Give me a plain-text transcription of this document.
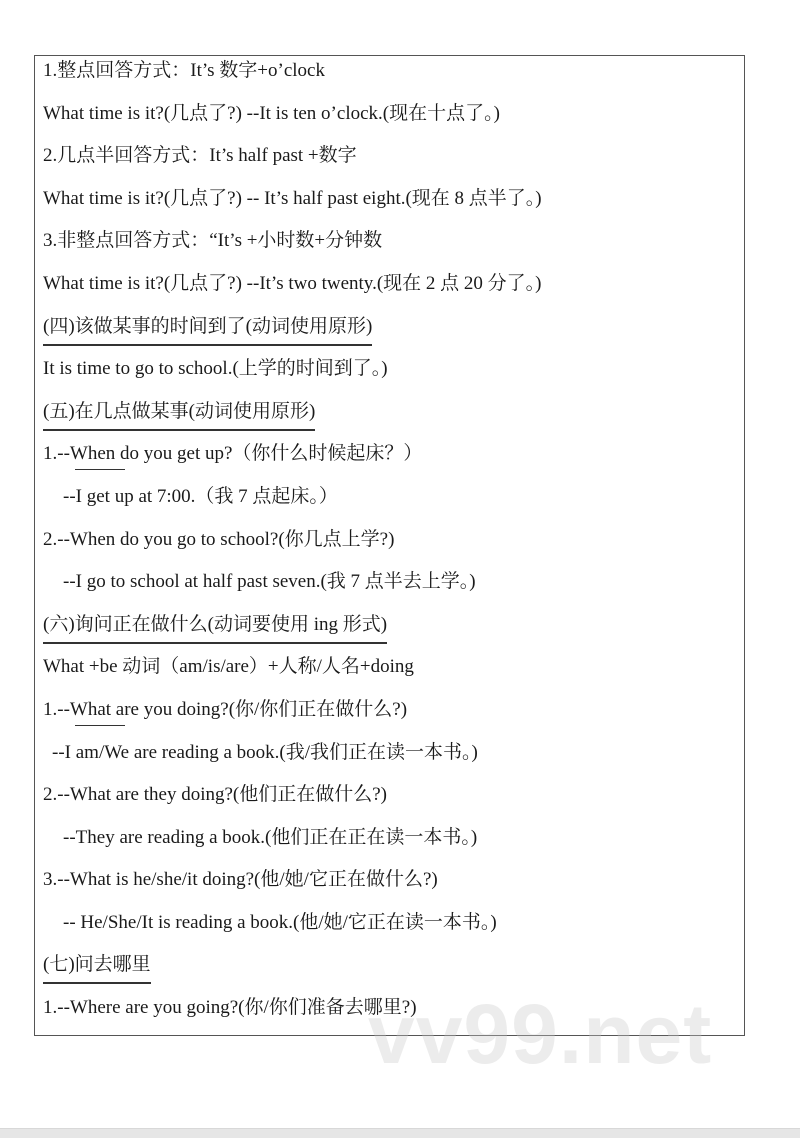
1.整点回答方式：It’s 数字+o’clock
What time is it?(几点了?) --It is ten o’clock.(现在十点了。)
2.几点半回答方式：It’s half past +数字
What time is it?(几点了?) -- It’s half past eight.(现在 8 点半了。)
3.非整点回答方式：“It’s +小时数+分钟数
What time is it?(几点了?) --It’s two twenty.(现在 2 点 20 分了。)
(四)该做某事的时间到了(动词使用原形)
It is time to go to school.(上学的时间到了。)
(五)在几点做某事(动词使用原形)
1.--When do you get up?（你什么时候起床？）
--I get up at 7:00.（我 7 点起床。）
2.--When do you go to school?(你几点上学?)
--I go to school at half past seven.(我 7 点半去上学。)
(六)询问正在做什么(动词要使用 ing 形式)
What +be 动词（am/is/are）+人称/人名+doing
1.--What are you doing?(你/你们正在做什么?)
--I am/We are reading a book.(我/我们正在读一本书。)
2.--What are they doing?(他们正在做什么?)
--They are reading a book.(他们正在正在读一本书。)
3.--What is he/she/it doing?(他/她/它正在做什么?)
-- He/She/It is reading a book.(他/她/它正在读一本书。)
(七)问去哪里
1.--Where are you going?(你/你们准备去哪里?)
vv99.net
